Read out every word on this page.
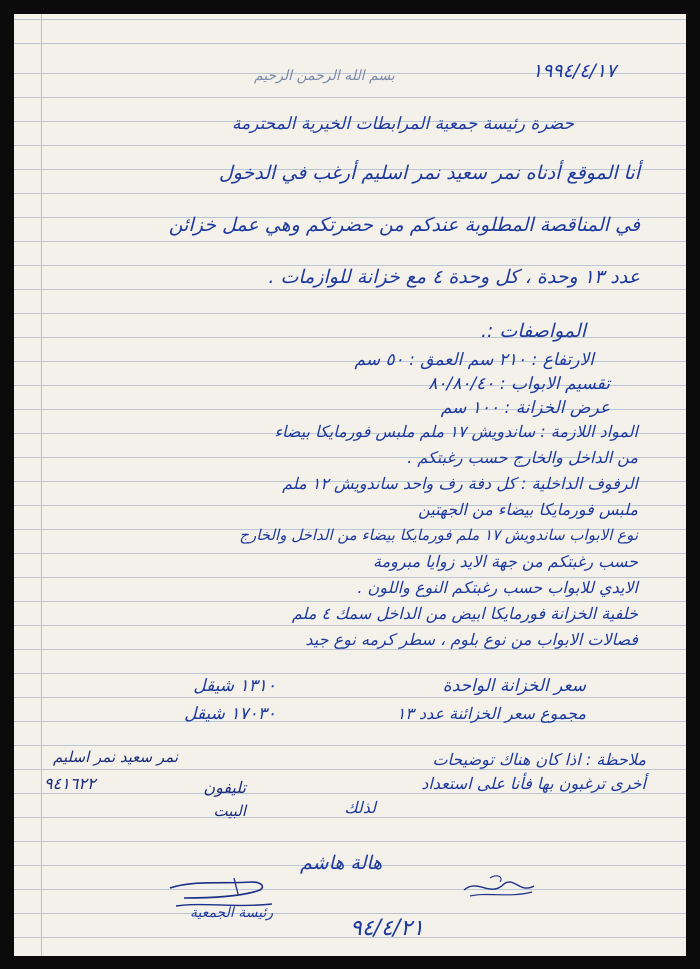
١٩٩٤/٤/١٧
بسم الله الرحمن الرحيم
حضرة رئيسة جمعية المرابطات الخيرية المحترمة
أنا الموقع أدناه نمر سعيد نمر اسليم أرغب في الدخول
في المناقصة المطلوبة عندكم من حضرتكم وهي عمل خزائن
عدد ١٣ وحدة ، كل وحدة ٤ مع خزانة للوازمات .
المواصفات :.
الارتفاع : ٢١٠ سم العمق : ٥٠ سم
تقسيم الابواب : ٨٠/٨٠/٤٠
عرض الخزانة : ١٠٠ سم
المواد اللازمة : ساندويش ١٧ ملم ملبس فورمايكا بيضاء
من الداخل والخارج حسب رغبتكم .
الرفوف الداخلية : كل دفة رف واحد ساندويش ١٢ ملم
ملبس فورمايكا بيضاء من الجهتين
نوع الابواب ساندويش ١٧ ملم فورمايكا بيضاء من الداخل والخارج
حسب رغبتكم من جهة الايد زوايا مبرومة
الايدي للابواب حسب رغبتكم النوع واللون .
خلفية الخزانة فورمايكا ابيض من الداخل سمك ٤ ملم
فصالات الابواب من نوع بلوم ، سطر كرمه نوع جيد
سعر الخزانة الواحدة
١٣١٠ شيقل
مجموع سعر الخزائنة عدد ١٣
١٧٠٣٠ شيقل
ملاحظة : اذا كان هناك توضيحات
أخرى ترغبون بها فأنا على استعداد
لذلك
نمر سعيد نمر اسليم
تليفون
٩٤١٦٢٢
البيت
هالة هاشم
رئيسة الجمعية
٩٤/٤/٢١
